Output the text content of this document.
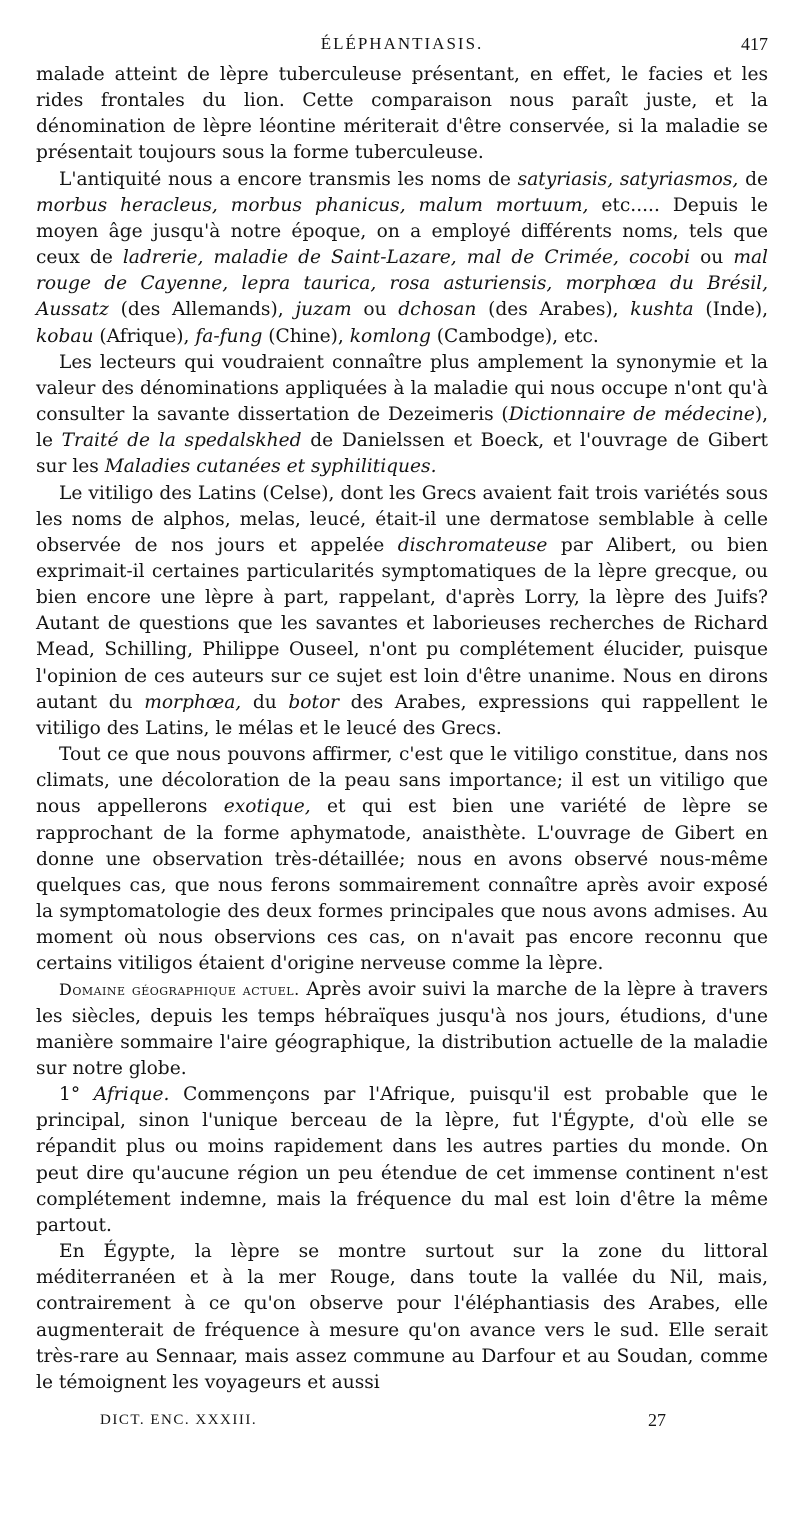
ÉLÉPHANTIASIS.	417

malade atteint de lèpre tuberculeuse présentant, en effet, le facies et les rides frontales du lion. Cette comparaison nous paraît juste, et la dénomination de lèpre léontine mériterait d'être conservée, si la maladie se présentait toujours sous la forme tuberculeuse.

L'antiquité nous a encore transmis les noms de satyriasis, satyriasmos, de morbus heracleus, morbus phanicus, malum mortuum, etc..... Depuis le moyen âge jusqu'à notre époque, on a employé différents noms, tels que ceux de ladrerie, maladie de Saint-Lazare, mal de Crimée, cocobi ou mal rouge de Cayenne, lepra taurica, rosa asturiensis, morphœa du Brésil, Aussatz (des Allemands), juzam ou dchosan (des Arabes), kushta (Inde), kobau (Afrique), fa-fung (Chine), komlong (Cambodge), etc.

Les lecteurs qui voudraient connaître plus amplement la synonymie et la valeur des dénominations appliquées à la maladie qui nous occupe n'ont qu'à consulter la savante dissertation de Dezeimeris (Dictionnaire de médecine), le Traité de la spedalskhed de Danielssen et Boeck, et l'ouvrage de Gibert sur les Maladies cutanées et syphilitiques.

Le vitiligo des Latins (Celse), dont les Grecs avaient fait trois variétés sous les noms de alphos, melas, leucé, était-il une dermatose semblable à celle observée de nos jours et appelée dischromateuse par Alibert, ou bien exprimait-il certaines particularités symptomatiques de la lèpre grecque, ou bien encore une lèpre à part, rappelant, d'après Lorry, la lèpre des Juifs? Autant de questions que les savantes et laborieuses recherches de Richard Mead, Schilling, Philippe Ouseel, n'ont pu complétement élucider, puisque l'opinion de ces auteurs sur ce sujet est loin d'être unanime. Nous en dirons autant du morphœa, du botor des Arabes, expressions qui rappellent le vitiligo des Latins, le mélas et le leucé des Grecs.

Tout ce que nous pouvons affirmer, c'est que le vitiligo constitue, dans nos climats, une décoloration de la peau sans importance; il est un vitiligo que nous appellerons exotique, et qui est bien une variété de lèpre se rapprochant de la forme aphymatode, anaisthète. L'ouvrage de Gibert en donne une observation très-détaillée; nous en avons observé nous-même quelques cas, que nous ferons sommairement connaître après avoir exposé la symptomatologie des deux formes principales que nous avons admises. Au moment où nous observions ces cas, on n'avait pas encore reconnu que certains vitiligos étaient d'origine nerveuse comme la lèpre.

Domaine géographique actuel. Après avoir suivi la marche de la lèpre à travers les siècles, depuis les temps hébraïques jusqu'à nos jours, étudions, d'une manière sommaire l'aire géographique, la distribution actuelle de la maladie sur notre globe.

1° Afrique. Commençons par l'Afrique, puisqu'il est probable que le principal, sinon l'unique berceau de la lèpre, fut l'Égypte, d'où elle se répandit plus ou moins rapidement dans les autres parties du monde. On peut dire qu'aucune région un peu étendue de cet immense continent n'est complétement indemne, mais la fréquence du mal est loin d'être la même partout.

En Égypte, la lèpre se montre surtout sur la zone du littoral méditerranéen et à la mer Rouge, dans toute la vallée du Nil, mais, contrairement à ce qu'on observe pour l'éléphantiasis des Arabes, elle augmenterait de fréquence à mesure qu'on avance vers le sud. Elle serait très-rare au Sennaar, mais assez commune au Darfour et au Soudan, comme le témoignent les voyageurs et aussi

DICT. ENC. XXXIII.	27
